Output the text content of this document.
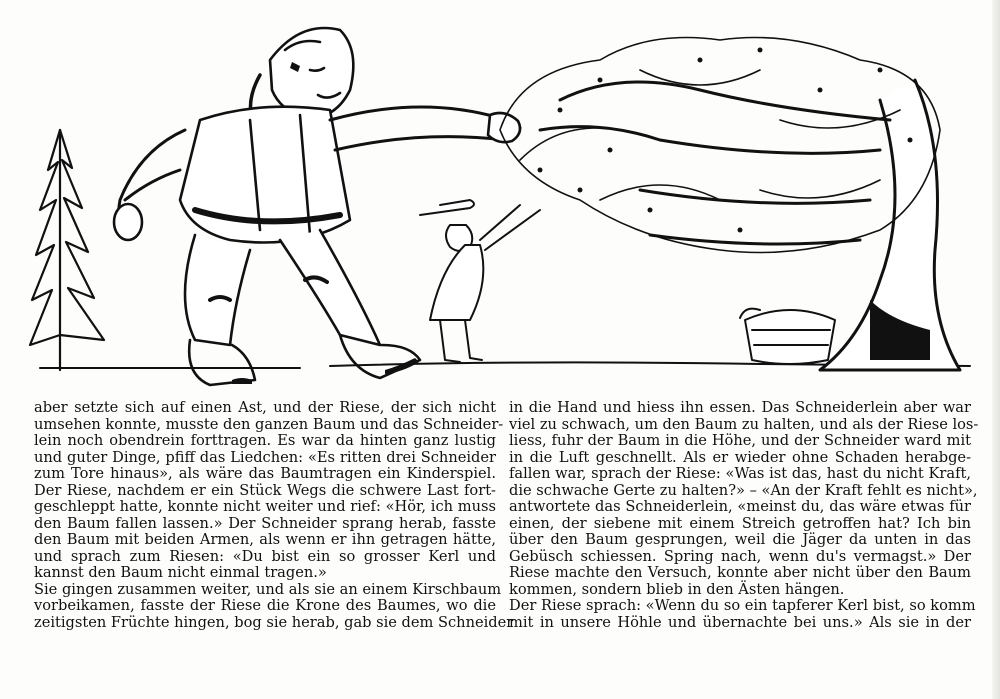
aber setzte sich auf einen Ast, und der Riese, der sich nicht
umsehen konnte, musste den ganzen Baum und das Schneider-
lein noch obendrein forttragen. Es war da hinten ganz lustig
und guter Dinge, pfiff das Liedchen: «Es ritten drei Schneider
zum Tore hinaus», als wäre das Baumtragen ein Kinderspiel.
Der Riese, nachdem er ein Stück Wegs die schwere Last fort-
geschleppt hatte, konnte nicht weiter und rief: «Hör, ich muss
den Baum fallen lassen.» Der Schneider sprang herab, fasste
den Baum mit beiden Armen, als wenn er ihn getragen hätte,
und sprach zum Riesen: «Du bist ein so grosser Kerl und
kannst den Baum nicht einmal tragen.»

Sie gingen zusammen weiter, und als sie an einem Kirschbaum
vorbeikamen, fasste der Riese die Krone des Baumes, wo die
zeitigsten Früchte hingen, bog sie herab, gab sie dem Schneider

in die Hand und hiess ihn essen. Das Schneiderlein aber war
viel zu schwach, um den Baum zu halten, und als der Riese los-
liess, fuhr der Baum in die Höhe, und der Schneider ward mit
in die Luft geschnellt. Als er wieder ohne Schaden herabge-
fallen war, sprach der Riese: «Was ist das, hast du nicht Kraft,
die schwache Gerte zu halten?» – «An der Kraft fehlt es nicht»,
antwortete das Schneiderlein, «meinst du, das wäre etwas für
einen, der siebene mit einem Streich getroffen hat? Ich bin
über den Baum gesprungen, weil die Jäger da unten in das
Gebüsch schiessen. Spring nach, wenn du's vermagst.» Der
Riese machte den Versuch, konnte aber nicht über den Baum
kommen, sondern blieb in den Ästen hängen.

Der Riese sprach: «Wenn du so ein tapferer Kerl bist, so komm
mit in unsere Höhle und übernachte bei uns.» Als sie in der
